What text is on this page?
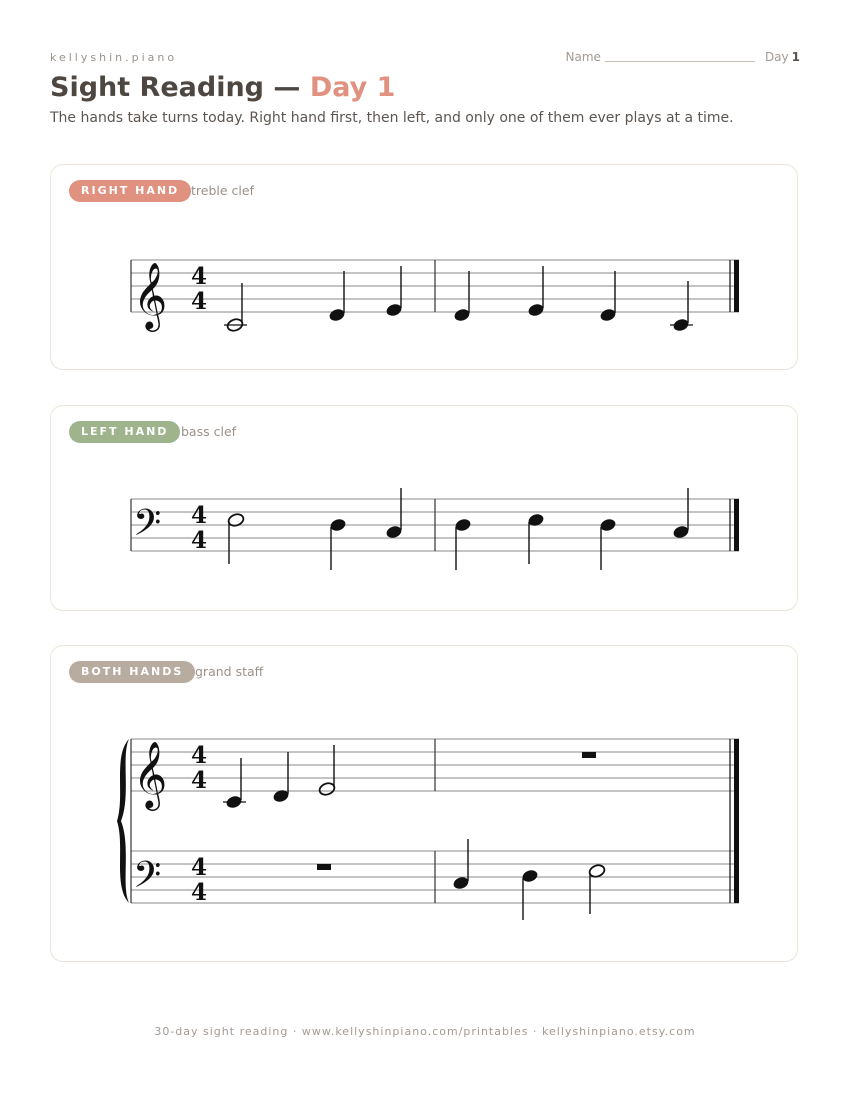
kellyshin.piano	Name	Day 1
Sight Reading — Day 1

The hands take turns today. Right hand first, then left, and only one of them ever plays at a time.

RIGHT HAND treble clef
𝄞 4
4
LEFT HAND	bass clef
𝄢 4
4
BOTH HANDS grand staff
𝄞
𝄢
4
4
4
4
30-day sight reading · www.kellyshinpiano.com/printables · kellyshinpiano.etsy.com
